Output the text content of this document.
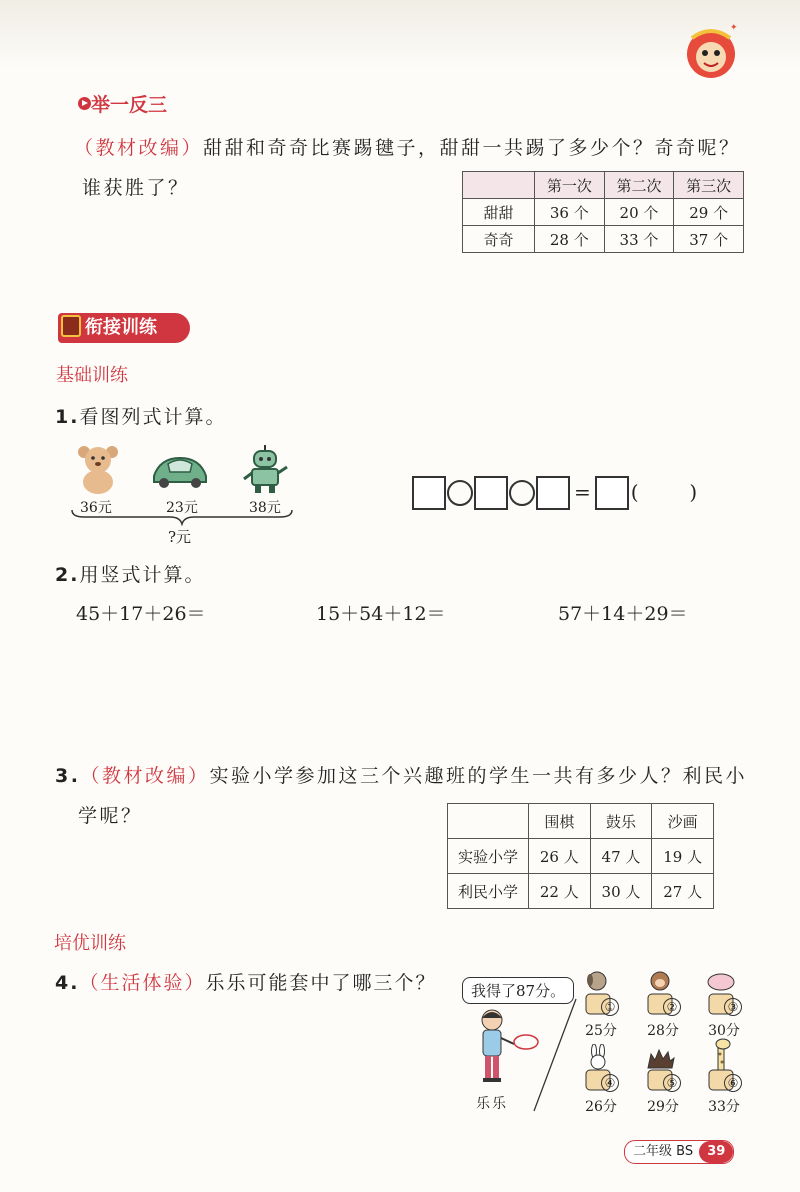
✦
举一反三
（教材改编）甜甜和奇奇比赛踢毽子，甜甜一共踢了多少个？奇奇呢？
谁获胜了？
		第一次	第二次	第三次
甜甜	36 个	20 个	29 个
奇奇	28 个	33 个	37 个
衔接训练
基础训练
1.看图列式计算。
36元	23元	38元
?元
= (        )
2.用竖式计算。
45＋17＋26＝	15＋54＋12＝	57＋14＋29＝
3.（教材改编）实验小学参加这三个兴趣班的学生一共有多少人？利民小
学呢？
		围棋	鼓乐	沙画
实验小学	26 人	47 人	19 人
利民小学	22 人	30 人	27 人
培优训练
4.（生活体验）乐乐可能套中了哪三个？	我得了87分。
乐乐
①
25分
②
28分
③
30分
④
26分
⑤
29分
⑥
33分
二年级 BS 39
